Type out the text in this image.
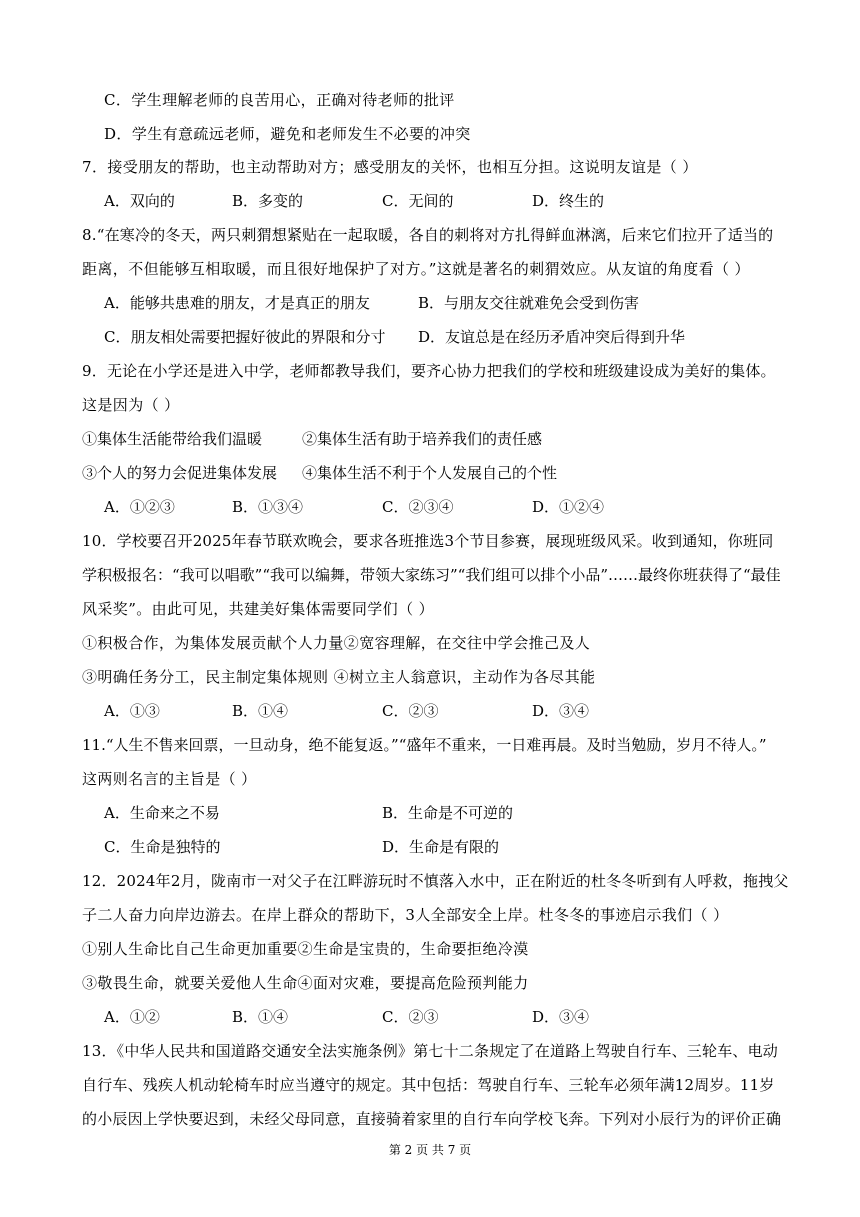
C．学生理解老师的良苦用心，正确对待老师的批评
D．学生有意疏远老师，避免和老师发生不必要的冲突
7．接受朋友的帮助，也主动帮助对方；感受朋友的关怀，也相互分担。这说明友谊是（ ）
A．双向的	B．多变的	C．无间的	D．终生的
8.“在寒冷的冬天，两只刺猬想紧贴在一起取暖，各自的刺将对方扎得鲜血淋漓，后来它们拉开了适当的
距离，不但能够互相取暖，而且很好地保护了对方。”这就是著名的刺猬效应。从友谊的角度看（ ）
A．能够共患难的朋友，才是真正的朋友	B．与朋友交往就难免会受到伤害
C．朋友相处需要把握好彼此的界限和分寸 D．友谊总是在经历矛盾冲突后得到升华
9．无论在小学还是进入中学，老师都教导我们，要齐心协力把我们的学校和班级建设成为美好的集体。
这是因为（ ）
①集体生活能带给我们温暖	②集体生活有助于培养我们的责任感
③个人的努力会促进集体发展 ④集体生活不利于个人发展自己的个性
A．①②③	B．①③④	C．②③④	D．①②④
10．学校要召开2025年春节联欢晚会，要求各班推选3个节目参赛，展现班级风采。收到通知，你班同
学积极报名：“我可以唱歌”“我可以编舞，带领大家练习”“我们组可以排个小品”……最终你班获得了“最佳
风采奖”。由此可见，共建美好集体需要同学们（ ）
①积极合作，为集体发展贡献个人力量②宽容理解，在交往中学会推己及人
③明确任务分工，民主制定集体规则 ④树立主人翁意识，主动作为各尽其能
A．①③	B．①④	C．②③	D．③④
11.“人生不售来回票，一旦动身，绝不能复返。”“盛年不重来，一日难再晨。及时当勉励，岁月不待人。”
这两则名言的主旨是（ ）
A．生命来之不易	B．生命是不可逆的
C．生命是独特的	D．生命是有限的
12．2024年2月，陇南市一对父子在江畔游玩时不慎落入水中，正在附近的杜冬冬听到有人呼救，拖拽父
子二人奋力向岸边游去。在岸上群众的帮助下，3人全部安全上岸。杜冬冬的事迹启示我们（ ）
①别人生命比自己生命更加重要②生命是宝贵的，生命要拒绝冷漠
③敬畏生命，就要关爱他人生命④面对灾难，要提高危险预判能力
A．①②	B．①④	C．②③	D．③④
13．《中华人民共和国道路交通安全法实施条例》第七十二条规定了在道路上驾驶自行车、三轮车、电动
自行车、残疾人机动轮椅车时应当遵守的规定。其中包括：驾驶自行车、三轮车必须年满12周岁。11岁
的小辰因上学快要迟到，未经父母同意，直接骑着家里的自行车向学校飞奔。下列对小辰行为的评价正确
第 2 页 共 7 页
